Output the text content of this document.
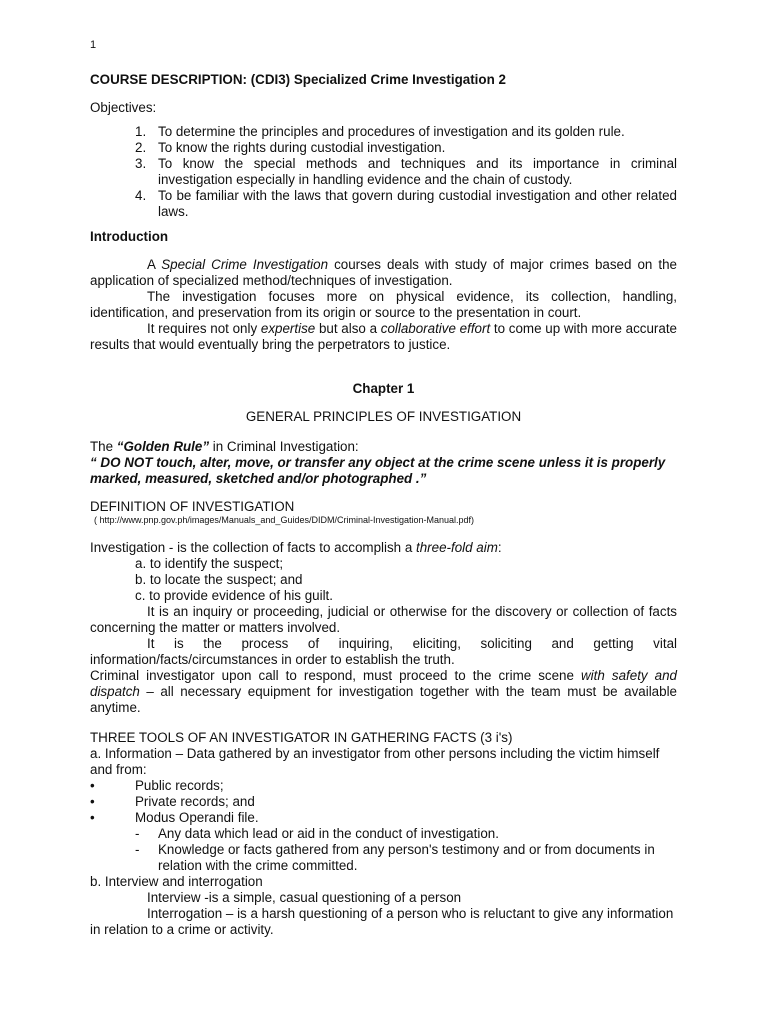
1
COURSE DESCRIPTION: (CDI3) Specialized Crime Investigation 2
Objectives:
1. To determine the principles and procedures of investigation and its golden rule.
2. To know the rights during custodial investigation.
3. To know the special methods and techniques and its importance in criminal investigation especially in handling evidence and the chain of custody.
4. To be familiar with the laws that govern during custodial investigation and other related laws.
Introduction
A Special Crime Investigation courses deals with study of major crimes based on the application of specialized method/techniques of investigation.
The investigation focuses more on physical evidence, its collection, handling, identification, and preservation from its origin or source to the presentation in court.
It requires not only expertise but also a collaborative effort to come up with more accurate results that would eventually bring the perpetrators to justice.
Chapter 1
GENERAL PRINCIPLES OF INVESTIGATION
The “Golden Rule” in Criminal Investigation:
“ DO NOT touch, alter, move, or transfer any object at the crime scene unless it is properly marked, measured, sketched and/or photographed .”
DEFINITION OF INVESTIGATION
( http://www.pnp.gov.ph/images/Manuals_and_Guides/DIDM/Criminal-Investigation-Manual.pdf)
Investigation - is the collection of facts to accomplish a three-fold aim:
a. to identify the suspect;
b. to locate the suspect; and
c. to provide evidence of his guilt.
It is an inquiry or proceeding, judicial or otherwise for the discovery or collection of facts concerning the matter or matters involved.
It is the process of inquiring, eliciting, soliciting and getting vital information/facts/circumstances in order to establish the truth.
Criminal investigator upon call to respond, must proceed to the crime scene with safety and dispatch – all necessary equipment for investigation together with the team must be available anytime.
THREE TOOLS OF AN INVESTIGATOR IN GATHERING FACTS (3 i's)
a. Information – Data gathered by an investigator from other persons including the victim himself and from:
•	Public records;
•	Private records; and
•	Modus Operandi file.
- Any data which lead or aid in the conduct of investigation.
- Knowledge or facts gathered from any person's testimony and or from documents in relation with the crime committed.
b. Interview and interrogation
Interview -is a simple, casual questioning of a person
Interrogation – is a harsh questioning of a person who is reluctant to give any information in relation to a crime or activity.
